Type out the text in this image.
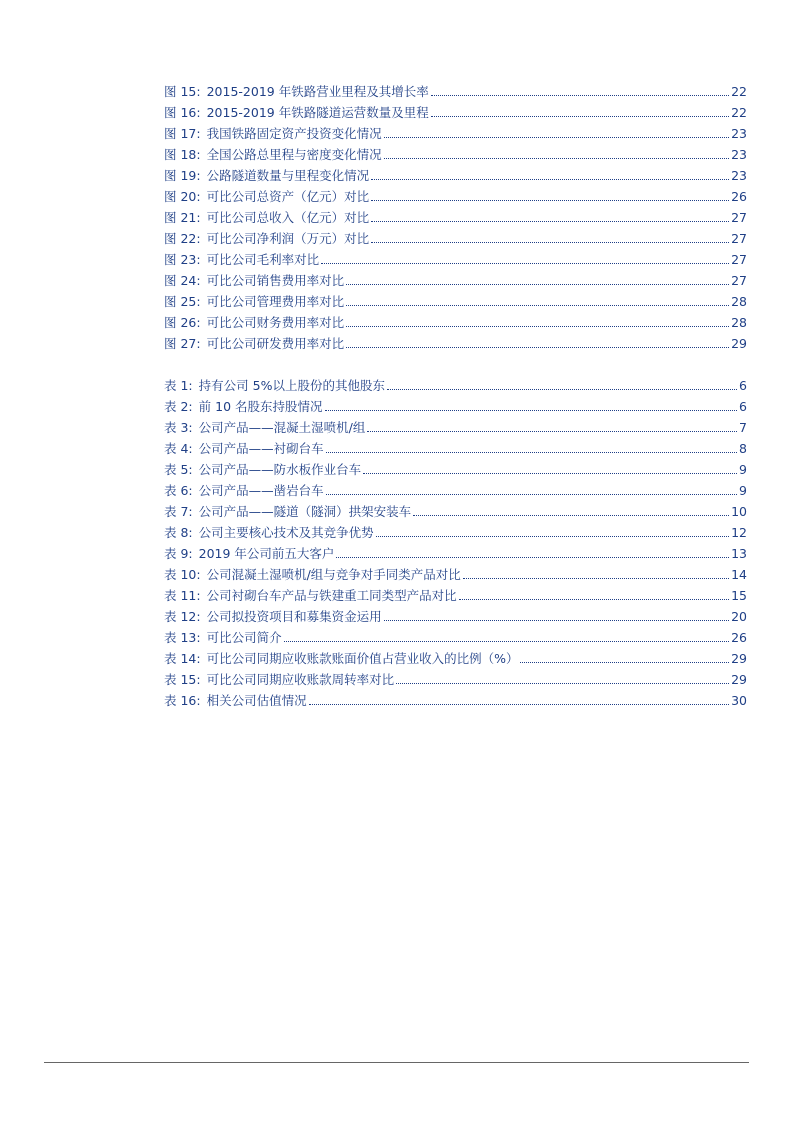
图 15: 2015-2019 年铁路营业里程及其增长率	22
图 16: 2015-2019 年铁路隧道运营数量及里程	22
图 17: 我国铁路固定资产投资变化情况	23
图 18: 全国公路总里程与密度变化情况	23
图 19: 公路隧道数量与里程变化情况	23
图 20: 可比公司总资产（亿元）对比	26
图 21: 可比公司总收入（亿元）对比	27
图 22: 可比公司净利润（万元）对比	27
图 23: 可比公司毛利率对比	27
图 24: 可比公司销售费用率对比	27
图 25: 可比公司管理费用率对比	28
图 26: 可比公司财务费用率对比	28
图 27: 可比公司研发费用率对比	29
表 1: 持有公司 5%以上股份的其他股东	6
表 2: 前 10 名股东持股情况	6
表 3: 公司产品——混凝土湿喷机/组	7
表 4: 公司产品——衬砌台车	8
表 5: 公司产品——防水板作业台车	9
表 6: 公司产品——凿岩台车	9
表 7: 公司产品——隧道（隧洞）拱架安装车	10
表 8: 公司主要核心技术及其竞争优势	12
表 9: 2019 年公司前五大客户	13
表 10: 公司混凝土湿喷机/组与竞争对手同类产品对比	14
表 11: 公司衬砌台车产品与铁建重工同类型产品对比	15
表 12: 公司拟投资项目和募集资金运用	20
表 13: 可比公司简介	26
表 14: 可比公司同期应收账款账面价值占营业收入的比例（%）	29
表 15: 可比公司同期应收账款周转率对比	29
表 16: 相关公司估值情况	30
